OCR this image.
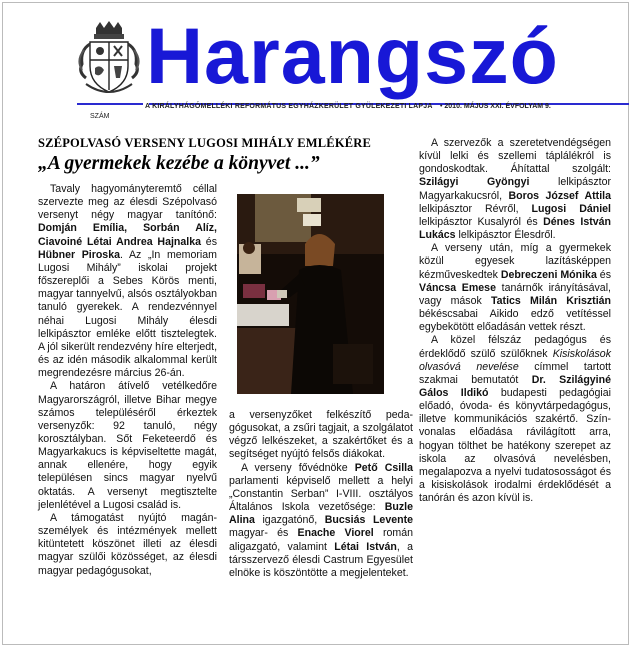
Harangszó
A KIRÁLYHÁGÓMELLÉKI REFORMÁTUS EGYHÁZKERÜLET GYÜLEKEZETI LAPJA • 2010. MÁJUS XXI. ÉVFOLYAM 9.
SZÁM
SZÉPOLVASÓ VERSENY LUGOSI MIHÁLY EMLÉKÉRE
„A gyermekek kezébe a könyvet ...”

Tavaly hagyományteremtő céllal szervezte meg az élesdi Szépolvasó versenyt négy magyar tanítónő: Domján Emília, Sorbán Alíz, Ciavoiné Létai Andrea Hajnalka és Hübner Piroska. Az „In memoriam Lugosi Mihály” iskolai projekt főszereplői a Sebes Körös menti, magyar tannyelvű, alsós osztályokban tanuló gyerekek. A rendezvénnyel néhai Lugosi Mihály élesdi lelkipásztor emléke előtt tisztelegtek. A jól sikerült rendezvény híre elterjedt, és az idén második alkalommal került megrendezésre március 26-án.

A határon átívelő vetélkedőre Magyarországról, illetve Bihar megye számos településéről érkeztek versenyzők: 92 tanuló, négy korosztályban. Sőt Feketeerdő és Magyarkakucs is képviseltette magát, annak ellenére, hogy egyik településen sincs magyar nyelvű oktatás. A versenyt megtisztelte jelenlétével a Lugosi család is.

A támogatást nyújtó magánszemélyek és intézmények mellett kitüntetett köszönet illeti az élesdi magyar szülői közösséget, az élesdi magyar pedagógusokat,

a versenyzőket felkészítő pedagógusokat, a zsűri tagjait, a szolgálatot végző lelkészeket, a szakértőket és a segítséget nyújtó felsős diákokat.

A verseny fővédnöke Pető Csilla parlamenti képviselő mellett a helyi „Constantin Serban” I-VIII. osztályos Általános Iskola vezetősége: Buzle Alina igazgatónő, Bucsiás Levente magyar- és Enache Viorel román aligazgató, valamint Létai István, a társszervező élesdi Castrum Egyesület elnöke is köszöntötte a megjelenteket.

A szervezők a szeretetvendégségen kívül lelki és szellemi táplálékról is gondoskodtak. Áhítattal szolgált: Szilágyi Gyöngyi lelkipásztor Magyarkakucsról, Boros József Attila lelkipásztor Révről, Lugosi Dániel lelkipásztor Kusalyról és Dénes István Lukács lelkipásztor Élesdről.

A verseny után, míg a gyermekek közül egyesek lazításképpen kézműveskedtek Debreczeni Mónika és Váncsa Emese tanárnők irányításával, vagy mások Tatics Milán Krisztián békéscsabai Aikido edző vetítéssel egybekötött előadásán vettek részt.

A közel félszáz pedagógus és érdeklődő szülő szülőknek Kisiskolások olvasóvá nevelése címmel tartott szakmai bemutatót Dr. Szilágyiné Gálos Ildikó budapesti pedagógiai előadó, óvoda- és könyvtárpedagógus, illetve kommunikációs szakértő. Színvonalas előadása rávilágított arra, hogyan tölthet be hatékony szerepet az iskola az olvasóvá nevelésben, megalapozva a nyelvi tudatososságot és a kisiskolások irodalmi érdeklődését a tanórán és azon kívül is.
